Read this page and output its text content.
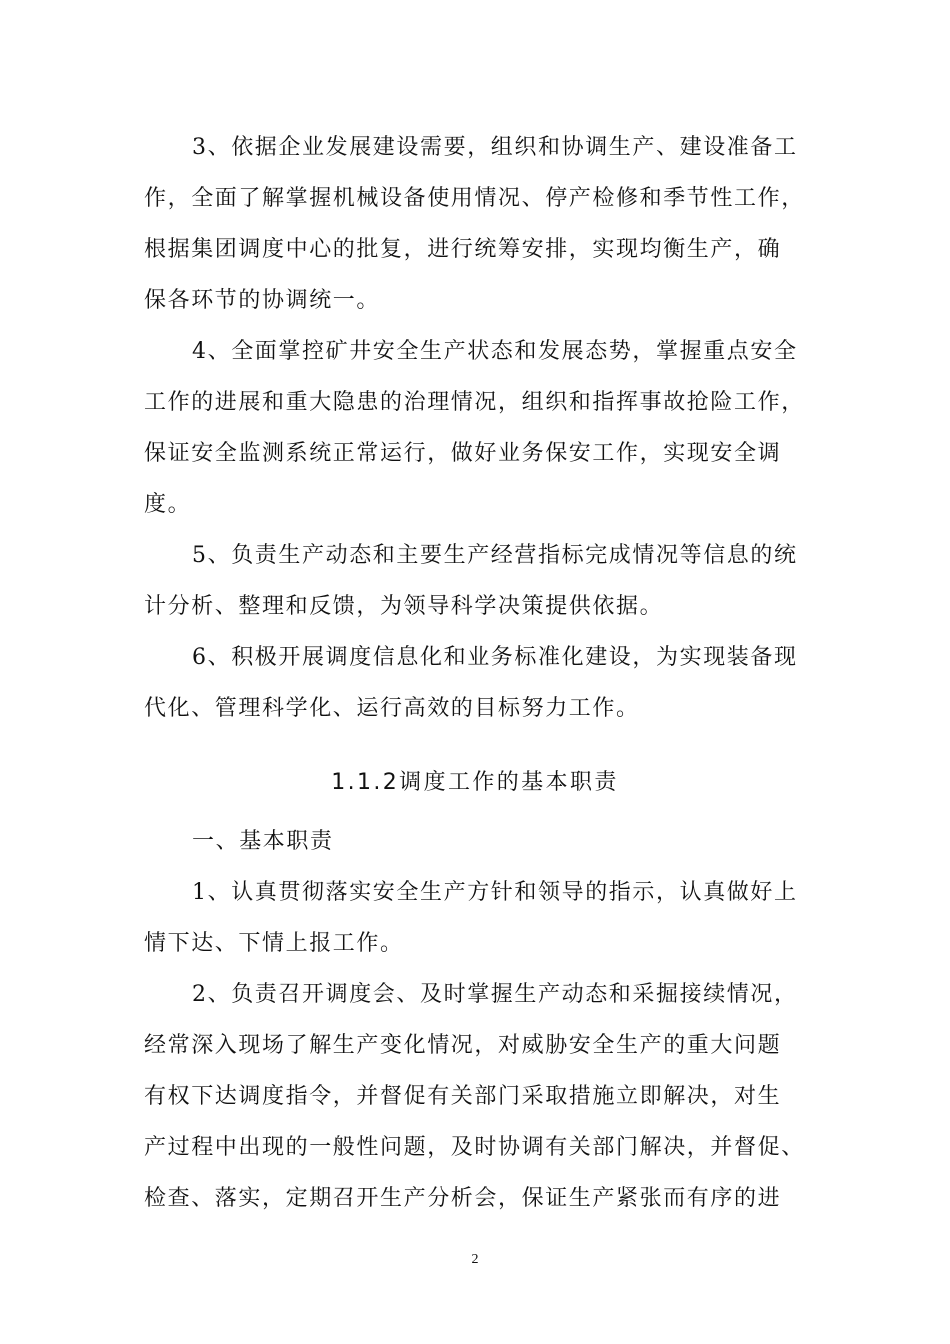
3、依据企业发展建设需要，组织和协调生产、建设准备工
作，全面了解掌握机械设备使用情况、停产检修和季节性工作，
根据集团调度中心的批复，进行统筹安排，实现均衡生产，确
保各环节的协调统一。
4、全面掌控矿井安全生产状态和发展态势，掌握重点安全
工作的进展和重大隐患的治理情况，组织和指挥事故抢险工作，
保证安全监测系统正常运行，做好业务保安工作，实现安全调
度。
5、负责生产动态和主要生产经营指标完成情况等信息的统
计分析、整理和反馈，为领导科学决策提供依据。
6、积极开展调度信息化和业务标准化建设，为实现装备现
代化、管理科学化、运行高效的目标努力工作。
1.1.2调度工作的基本职责
一、基本职责
1、认真贯彻落实安全生产方针和领导的指示，认真做好上
情下达、下情上报工作。
2、负责召开调度会、及时掌握生产动态和采掘接续情况，
经常深入现场了解生产变化情况，对威胁安全生产的重大问题
有权下达调度指令，并督促有关部门采取措施立即解决，对生
产过程中出现的一般性问题，及时协调有关部门解决，并督促、
检查、落实，定期召开生产分析会，保证生产紧张而有序的进
2
